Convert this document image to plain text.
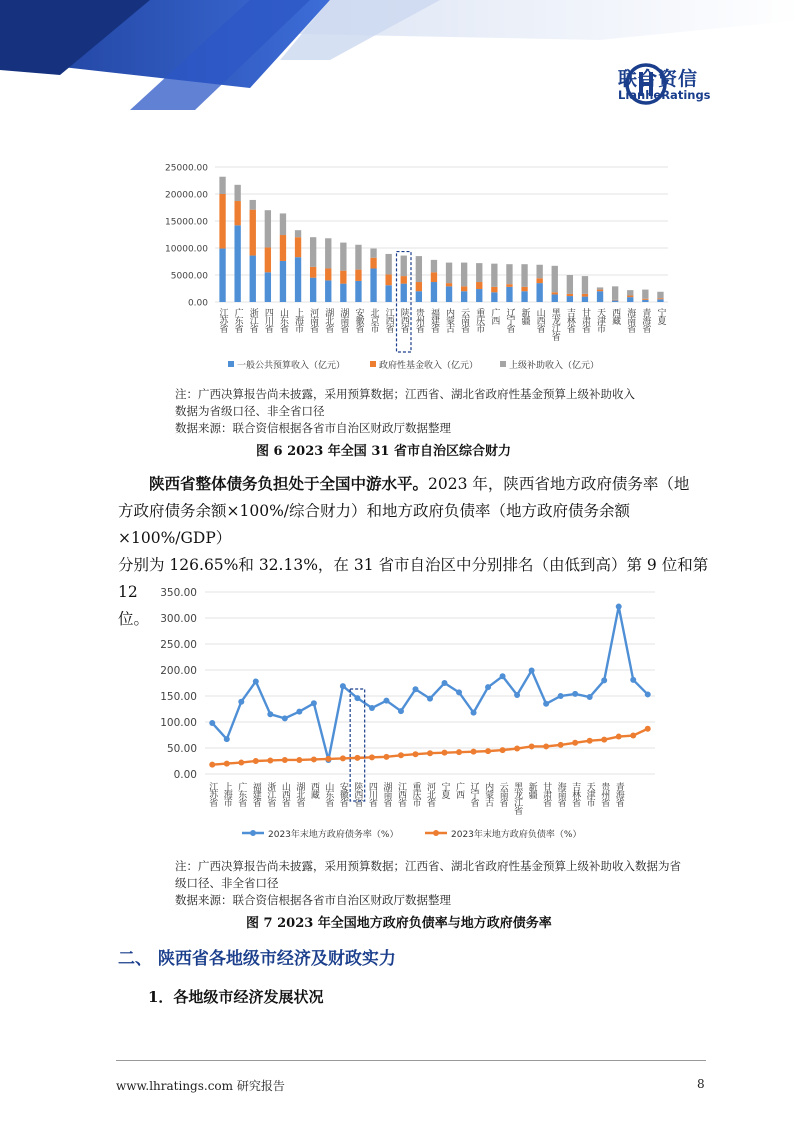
联合资信
LianheRatings
0.00
5000.00
10000.00
15000.00
20000.00
25000.00
江苏省 广东省 浙江省 四川省 山东省 上海市 河南省 湖北省 湖南省 安徽省 北京市 江西省 陕西省 贵州省 福建省 内蒙古 云南省 重庆市 广西 辽宁省 新疆 山西省 黑龙江省 吉林省 甘肃省 天津市 西藏 海南省 青海省 宁夏
一般公共预算收入（亿元）	政府性基金收入（亿元）	上级补助收入（亿元）
注：广西决算报告尚未披露，采用预算数据；江西省、湖北省政府性基金预算上级补助收入
数据为省级口径、非全省口径
数据来源：联合资信根据各省市自治区财政厅数据整理
图 6 2023 年全国 31 省市自治区综合财力
陕西省整体债务负担处于全国中游水平。2023 年，陕西省地方政府债务率（地
方政府债务余额×100%/综合财力）和地方政府负债率（地方政府债务余额×100%/GDP）
分别为 126.65%和 32.13%，在 31 省市自治区中分别排名（由低到高）第 9 位和第 12
位。
0.00
50.00
100.00
150.00
200.00
250.00
300.00
350.00
江苏省 上海市 广东省 福建省 浙江省 山西省 湖北省 西藏 山东省 安徽省 陕西省 四川省 湖南省 江西省 重庆市 河北省 宁夏 广西 辽宁省 内蒙古 云南省 黑龙江省 新疆 甘肃省 海南省 吉林省 天津市 贵州省 青海省
2023年末地方政府债务率（%）	2023年末地方政府负债率（%）
注：广西决算报告尚未披露，采用预算数据；江西省、湖北省政府性基金预算上级补助收入数据为省
级口径、非全省口径
数据来源：联合资信根据各省市自治区财政厅数据整理
图 7 2023 年全国地方政府负债率与地方政府债务率
二、 陕西省各地级市经济及财政实力
1．各地级市经济发展状况
www.lhratings.com 研究报告	8
